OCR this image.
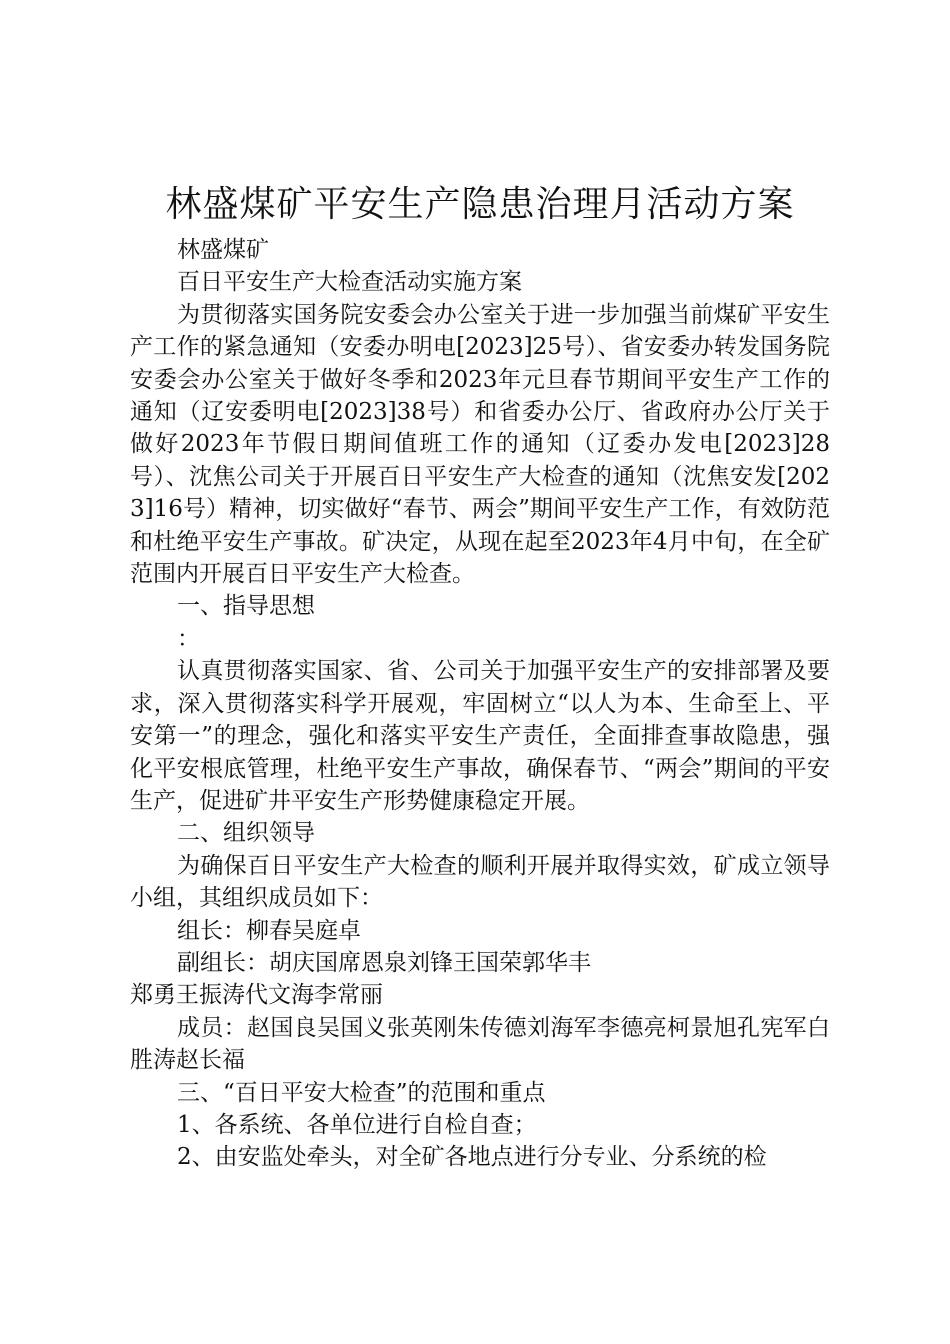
林盛煤矿平安生产隐患治理月活动方案

林盛煤矿

百日平安生产大检查活动实施方案

为贯彻落实国务院安委会办公室关于进一步加强当前煤矿平安生产工作的紧急通知（安委办明电[2023]25号）、省安委办转发国务院安委会办公室关于做好冬季和2023年元旦春节期间平安生产工作的通知（辽安委明电[2023]38号）和省委办公厅、省政府办公厅关于做好2023年节假日期间值班工作的通知（辽委办发电[2023]28号）、沈焦公司关于开展百日平安生产大检查的通知（沈焦安发[2023]16号）精神，切实做好“春节、两会”期间平安生产工作，有效防范和杜绝平安生产事故。矿决定，从现在起至2023年4月中旬，在全矿范围内开展百日平安生产大检查。

一、指导思想

：

认真贯彻落实国家、省、公司关于加强平安生产的安排部署及要求，深入贯彻落实科学开展观，牢固树立“以人为本、生命至上、平安第一”的理念，强化和落实平安生产责任，全面排查事故隐患，强化平安根底管理，杜绝平安生产事故，确保春节、“两会”期间的平安生产，促进矿井平安生产形势健康稳定开展。

二、组织领导

为确保百日平安生产大检查的顺利开展并取得实效，矿成立领导小组，其组织成员如下：

组长：柳春吴庭卓

副组长：胡庆国席恩泉刘锋王国荣郭华丰

郑勇王振涛代文海李常丽

成员：赵国良吴国义张英刚朱传德刘海军李德亮柯景旭孔宪军白胜涛赵长福

三、“百日平安大检查”的范围和重点

1、各系统、各单位进行自检自查；

2、由安监处牵头，对全矿各地点进行分专业、分系统的检
